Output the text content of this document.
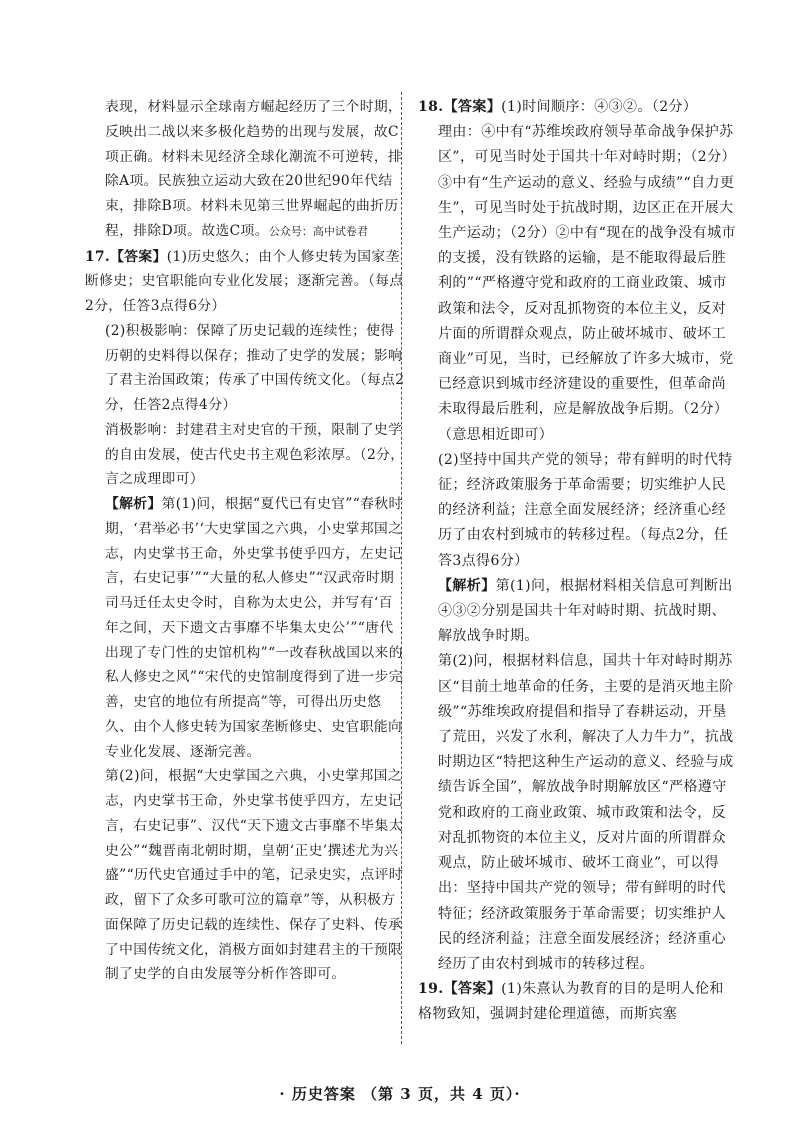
表现，材料显示全球南方崛起经历了三个时期，反映出二战以来多极化趋势的出现与发展，故C项正确。材料未见经济全球化潮流不可逆转，排除A项。民族独立运动大致在20世纪90年代结束，排除B项。材料未见第三世界崛起的曲折历程，排除D项。故选C项。公众号：高中试卷君

17.【答案】(1)历史悠久；由个人修史转为国家垄断修史；史官职能向专业化发展；逐渐完善。（每点2分，任答3点得6分）

(2)积极影响：保障了历史记载的连续性；使得历朝的史料得以保存；推动了史学的发展；影响了君主治国政策；传承了中国传统文化。（每点2分，任答2点得4分）

消极影响：封建君主对史官的干预，限制了史学的自由发展，使古代史书主观色彩浓厚。（2分，言之成理即可）

【解析】第(1)问，根据“夏代已有史官”“春秋时期，‘君举必书’‘大史掌国之六典，小史掌邦国之志，内史掌书王命，外史掌书使乎四方，左史记言，右史记事’”“大量的私人修史”“汉武帝时期司马迁任太史令时，自称为太史公，并写有‘百年之间，天下遗文古事靡不毕集太史公’”“唐代出现了专门性的史馆机构”“一改春秋战国以来的私人修史之风”“宋代的史馆制度得到了进一步完善，史官的地位有所提高”等，可得出历史悠久、由个人修史转为国家垄断修史、史官职能向专业化发展、逐渐完善。

第(2)问，根据“大史掌国之六典，小史掌邦国之志，内史掌书王命，外史掌书使乎四方，左史记言，右史记事”、汉代“天下遗文古事靡不毕集太史公”“魏晋南北朝时期，皇朝‘正史’撰述尤为兴盛”“历代史官通过手中的笔，记录史实，点评时政，留下了众多可歌可泣的篇章”等，从积极方面保障了历史记载的连续性、保存了史料、传承了中国传统文化，消极方面如封建君主的干预限制了史学的自由发展等分析作答即可。

18.【答案】(1)时间顺序：④③②。（2分）

理由：④中有“苏维埃政府领导革命战争保护苏区”，可见当时处于国共十年对峙时期；（2分）③中有“生产运动的意义、经验与成绩”“自力更生”，可见当时处于抗战时期，边区正在开展大生产运动；（2分）②中有“现在的战争没有城市的支援，没有铁路的运输，是不能取得最后胜利的”“严格遵守党和政府的工商业政策、城市政策和法令，反对乱抓物资的本位主义，反对片面的所谓群众观点，防止破坏城市、破坏工商业”可见，当时，已经解放了许多大城市，党已经意识到城市经济建设的重要性，但革命尚未取得最后胜利，应是解放战争后期。（2分）（意思相近即可）

(2)坚持中国共产党的领导；带有鲜明的时代特征；经济政策服务于革命需要；切实维护人民的经济利益；注意全面发展经济；经济重心经历了由农村到城市的转移过程。（每点2分，任答3点得6分）

【解析】第(1)问，根据材料相关信息可判断出④③②分别是国共十年对峙时期、抗战时期、解放战争时期。

第(2)问，根据材料信息，国共十年对峙时期苏区“目前土地革命的任务，主要的是消灭地主阶级”“苏维埃政府提倡和指导了春耕运动，开垦了荒田，兴发了水利，解决了人力牛力”，抗战时期边区“特把这种生产运动的意义、经验与成绩告诉全国”，解放战争时期解放区“严格遵守党和政府的工商业政策、城市政策和法令，反对乱抓物资的本位主义，反对片面的所谓群众观点，防止破坏城市、破坏工商业”，可以得出：坚持中国共产党的领导；带有鲜明的时代特征；经济政策服务于革命需要；切实维护人民的经济利益；注意全面发展经济；经济重心经历了由农村到城市的转移过程。

19.【答案】(1)朱熹认为教育的目的是明人伦和格物致知，强调封建伦理道德，而斯宾塞

· 历史答案 （第 3 页，共 4 页）·
